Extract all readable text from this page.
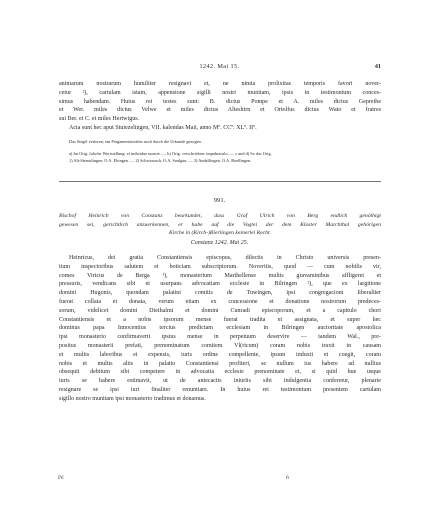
1242. Mai 15.	41
animarum nostrarum humiliter resignavi et, ne nimia prolixitas temporis favori nover-
cetur ²), cartulam istam, appensione sigilli nostri munitam, ipsis in testimonium conces-
simus habendam. Huius rei testes sunt: B. dictus Pompe et A. miles dictus Geprethe
et Wer. miles dictus Velwe et miles dictus Alteshirn et Ortolfus dictus Wato et fratres
sui Ber. et C. et miles Hertwigus.
Acta sunt hec aput Stuiezelingen, VII. kalendas Maii, anno Mº. CCº. XLº. IIº.
Das Siegel verloren, ein Pergamentstreifen noch durch die Urkunde gezogen.
a) Im Orig. falsche Wortstellung: et individue nuncte. — b) Orig. verschrieben: tinpulnaculo. — c und d) So das Orig.
1) Alt-Steusslingen, O.A. Ehingen. — 2) Schwarzach, O.A. Saulgau. — 3) Andelfingen, O.A. Riedlingen.
991.
Bischof Heinrich von Constanz beurkundet, dass Graf Ulrich von Berg endlich genöthigt
gewesen sei, gerichtlich anzuerkennen, er habe auf die Vogtei der dem Kloster Marchthal gehörigen
Kirche in (Kirch-)Bierlingen keinerlei Recht.
Constanz 1242. Mai 25.
Heinricus, dei gratia Constantiensis episcopus, dilectis in Christo universis presen-
tium inspectoribus salutem et boticiam subscriptorum. Noveritis, quod — cum nobilis vir,
comes Viricus de Berga ¹), monasterium Marthellense multis gravaminibus affligeret et
pressuris, vendicans sibi et usurpans advocatiam ecclesie in Bilringen ²), que ex largitione
domini Hugonis, quondam palatini comitis de Tuwingen, ipsi congregacioni liberaliter
fuerat collata et donata, verum etiam ex concessione et donatione nostrorum predeces-
sorum, videlicet domini Diethalmi et domini Cunradi episcoporum, et a capitulo chori
Constantiensis et a nobis ipsorum mense fuerat tradita et assignata, et super hec
dominus papa Innocentius tercius predictam ecclesiam in Bilringen auctoritate apostolica
ipsi monasterio confirmaverit ipsius mense in perpetuum deservire — tandem Wal., pre-
positus monasterii prefati, prenominatum comitem Vl(ricum) coram nobis traxit in causam
et multis laboribus et expensis, iuris ordine compellente, ipsum induxit et coegit, coram
nobis et multis aliis in palatio Constantiensi profiteri, se nullum ius habere ad nullius
obsequii debitum sibi competere in advocatia ecclesie prenominate et, si quid hue usque
iuris se habere estimavit, ut de antecactis iniuriis sibi indulgentia conferetur, plenarie
resignare se ipsi iuri finaliter renuntiare. In huius rei testimonium presentem cartulam
sigillo nostro munitam ipsi monasterio tradimus et donamus.
IV.	6
